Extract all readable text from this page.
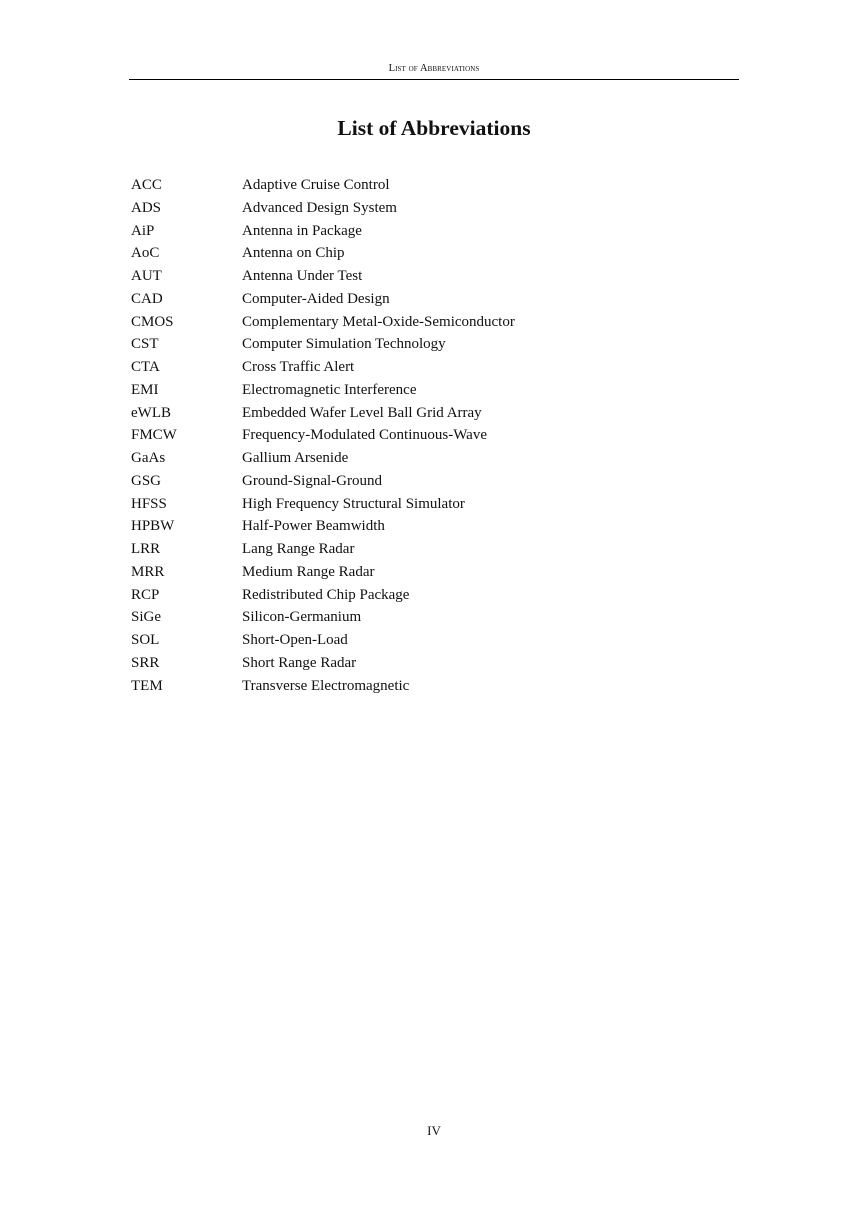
List of Abbreviations
List of Abbreviations
ACC	Adaptive Cruise Control
ADS	Advanced Design System
AiP	Antenna in Package
AoC	Antenna on Chip
AUT	Antenna Under Test
CAD	Computer-Aided Design
CMOS	Complementary Metal-Oxide-Semiconductor
CST	Computer Simulation Technology
CTA	Cross Traffic Alert
EMI	Electromagnetic Interference
eWLB	Embedded Wafer Level Ball Grid Array
FMCW	Frequency-Modulated Continuous-Wave
GaAs	Gallium Arsenide
GSG	Ground-Signal-Ground
HFSS	High Frequency Structural Simulator
HPBW	Half-Power Beamwidth
LRR	Lang Range Radar
MRR	Medium Range Radar
RCP	Redistributed Chip Package
SiGe	Silicon-Germanium
SOL	Short-Open-Load
SRR	Short Range Radar
TEM	Transverse Electromagnetic
IV
